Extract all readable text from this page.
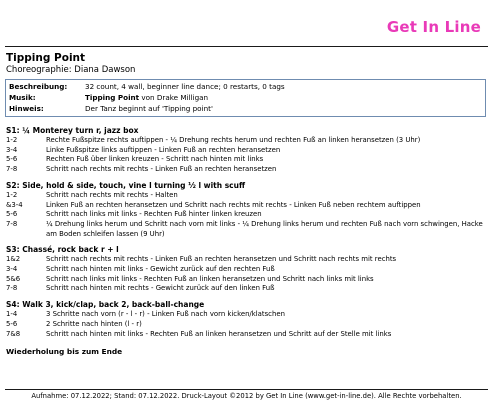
Get In Line
Tipping Point
Choreographie: Diana Dawson
Beschreibung:	32 count, 4 wall, beginner line dance; 0 restarts, 0 tags
Musik:	Tipping Point von Drake Milligan
Hinweis:	Der Tanz beginnt auf 'Tipping point'
S1: ¼ Monterey turn r, jazz box
1-2	Rechte Fußspitze rechts auftippen - ¼ Drehung rechts herum und rechten Fuß an linken heransetzen (3 Uhr)
3-4	Linke Fußspitze links auftippen - Linken Fuß an rechten heransetzen
5-6	Rechten Fuß über linken kreuzen - Schritt nach hinten mit links
7-8	Schritt nach rechts mit rechts - Linken Fuß an rechten heransetzen
S2: Side, hold & side, touch, vine l turning ½ l with scuff
1-2	Schritt nach rechts mit rechts - Halten
&3-4	Linken Fuß an rechten heransetzen und Schritt nach rechts mit rechts - Linken Fuß neben rechtem auftippen
5-6	Schritt nach links mit links - Rechten Fuß hinter linken kreuzen
7-8	¼ Drehung links herum und Schritt nach vorn mit links - ¼ Drehung links herum und rechten Fuß nach vorn schwingen, Hacke am Boden schleifen lassen (9 Uhr)
S3: Chassé, rock back r + l
1&2	Schritt nach rechts mit rechts - Linken Fuß an rechten heransetzen und Schritt nach rechts mit rechts
3-4	Schritt nach hinten mit links - Gewicht zurück auf den rechten Fuß
5&6	Schritt nach links mit links - Rechten Fuß an linken heransetzen und Schritt nach links mit links
7-8	Schritt nach hinten mit rechts - Gewicht zurück auf den linken Fuß
S4: Walk 3, kick/clap, back 2, back-ball-change
1-4	3 Schritte nach vorn (r - l - r) - Linken Fuß nach vorn kicken/klatschen
5-6	2 Schritte nach hinten (l - r)
7&8	Schritt nach hinten mit links - Rechten Fuß an linken heransetzen und Schritt auf der Stelle mit links
Wiederholung bis zum Ende
Aufnahme: 07.12.2022; Stand: 07.12.2022. Druck-Layout ©2012 by Get In Line (www.get-in-line.de). Alle Rechte vorbehalten.
